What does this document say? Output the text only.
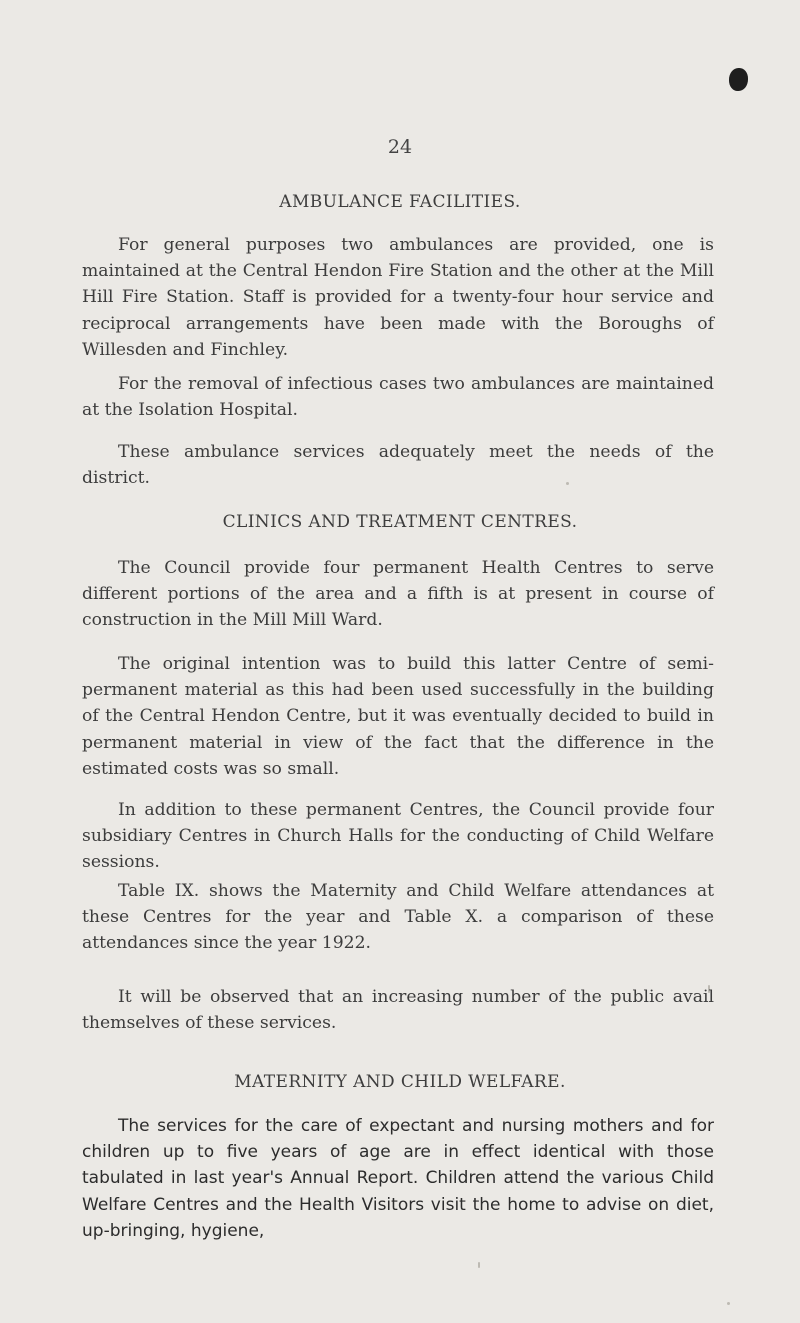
24
AMBULANCE FACILITIES.

For general purposes two ambulances are provided, one is maintained at the Central Hendon Fire Station and the other at the Mill Hill Fire Station. Staff is provided for a twenty-four hour service and reciprocal arrangements have been made with the Boroughs of Willesden and Finchley.

For the removal of infectious cases two ambulances are maintained at the Isolation Hospital.

These ambulance services adequately meet the needs of the district.

CLINICS AND TREATMENT CENTRES.

The Council provide four permanent Health Centres to serve different portions of the area and a fifth is at present in course of construction in the Mill Mill Ward.

The original intention was to build this latter Centre of semi-permanent material as this had been used successfully in the building of the Central Hendon Centre, but it was eventually decided to build in permanent material in view of the fact that the difference in the estimated costs was so small.

In addition to these permanent Centres, the Council provide four subsidiary Centres in Church Halls for the conducting of Child Welfare sessions.

Table IX. shows the Maternity and Child Welfare attendances at these Centres for the year and Table X. a comparison of these attendances since the year 1922.

It will be observed that an increasing number of the public avail themselves of these services.

MATERNITY AND CHILD WELFARE.

The services for the care of expectant and nursing mothers and for children up to five years of age are in effect identical with those tabulated in last year's Annual Report. Children attend the various Child Welfare Centres and the Health Visitors visit the home to advise on diet, up-bringing, hygiene,
